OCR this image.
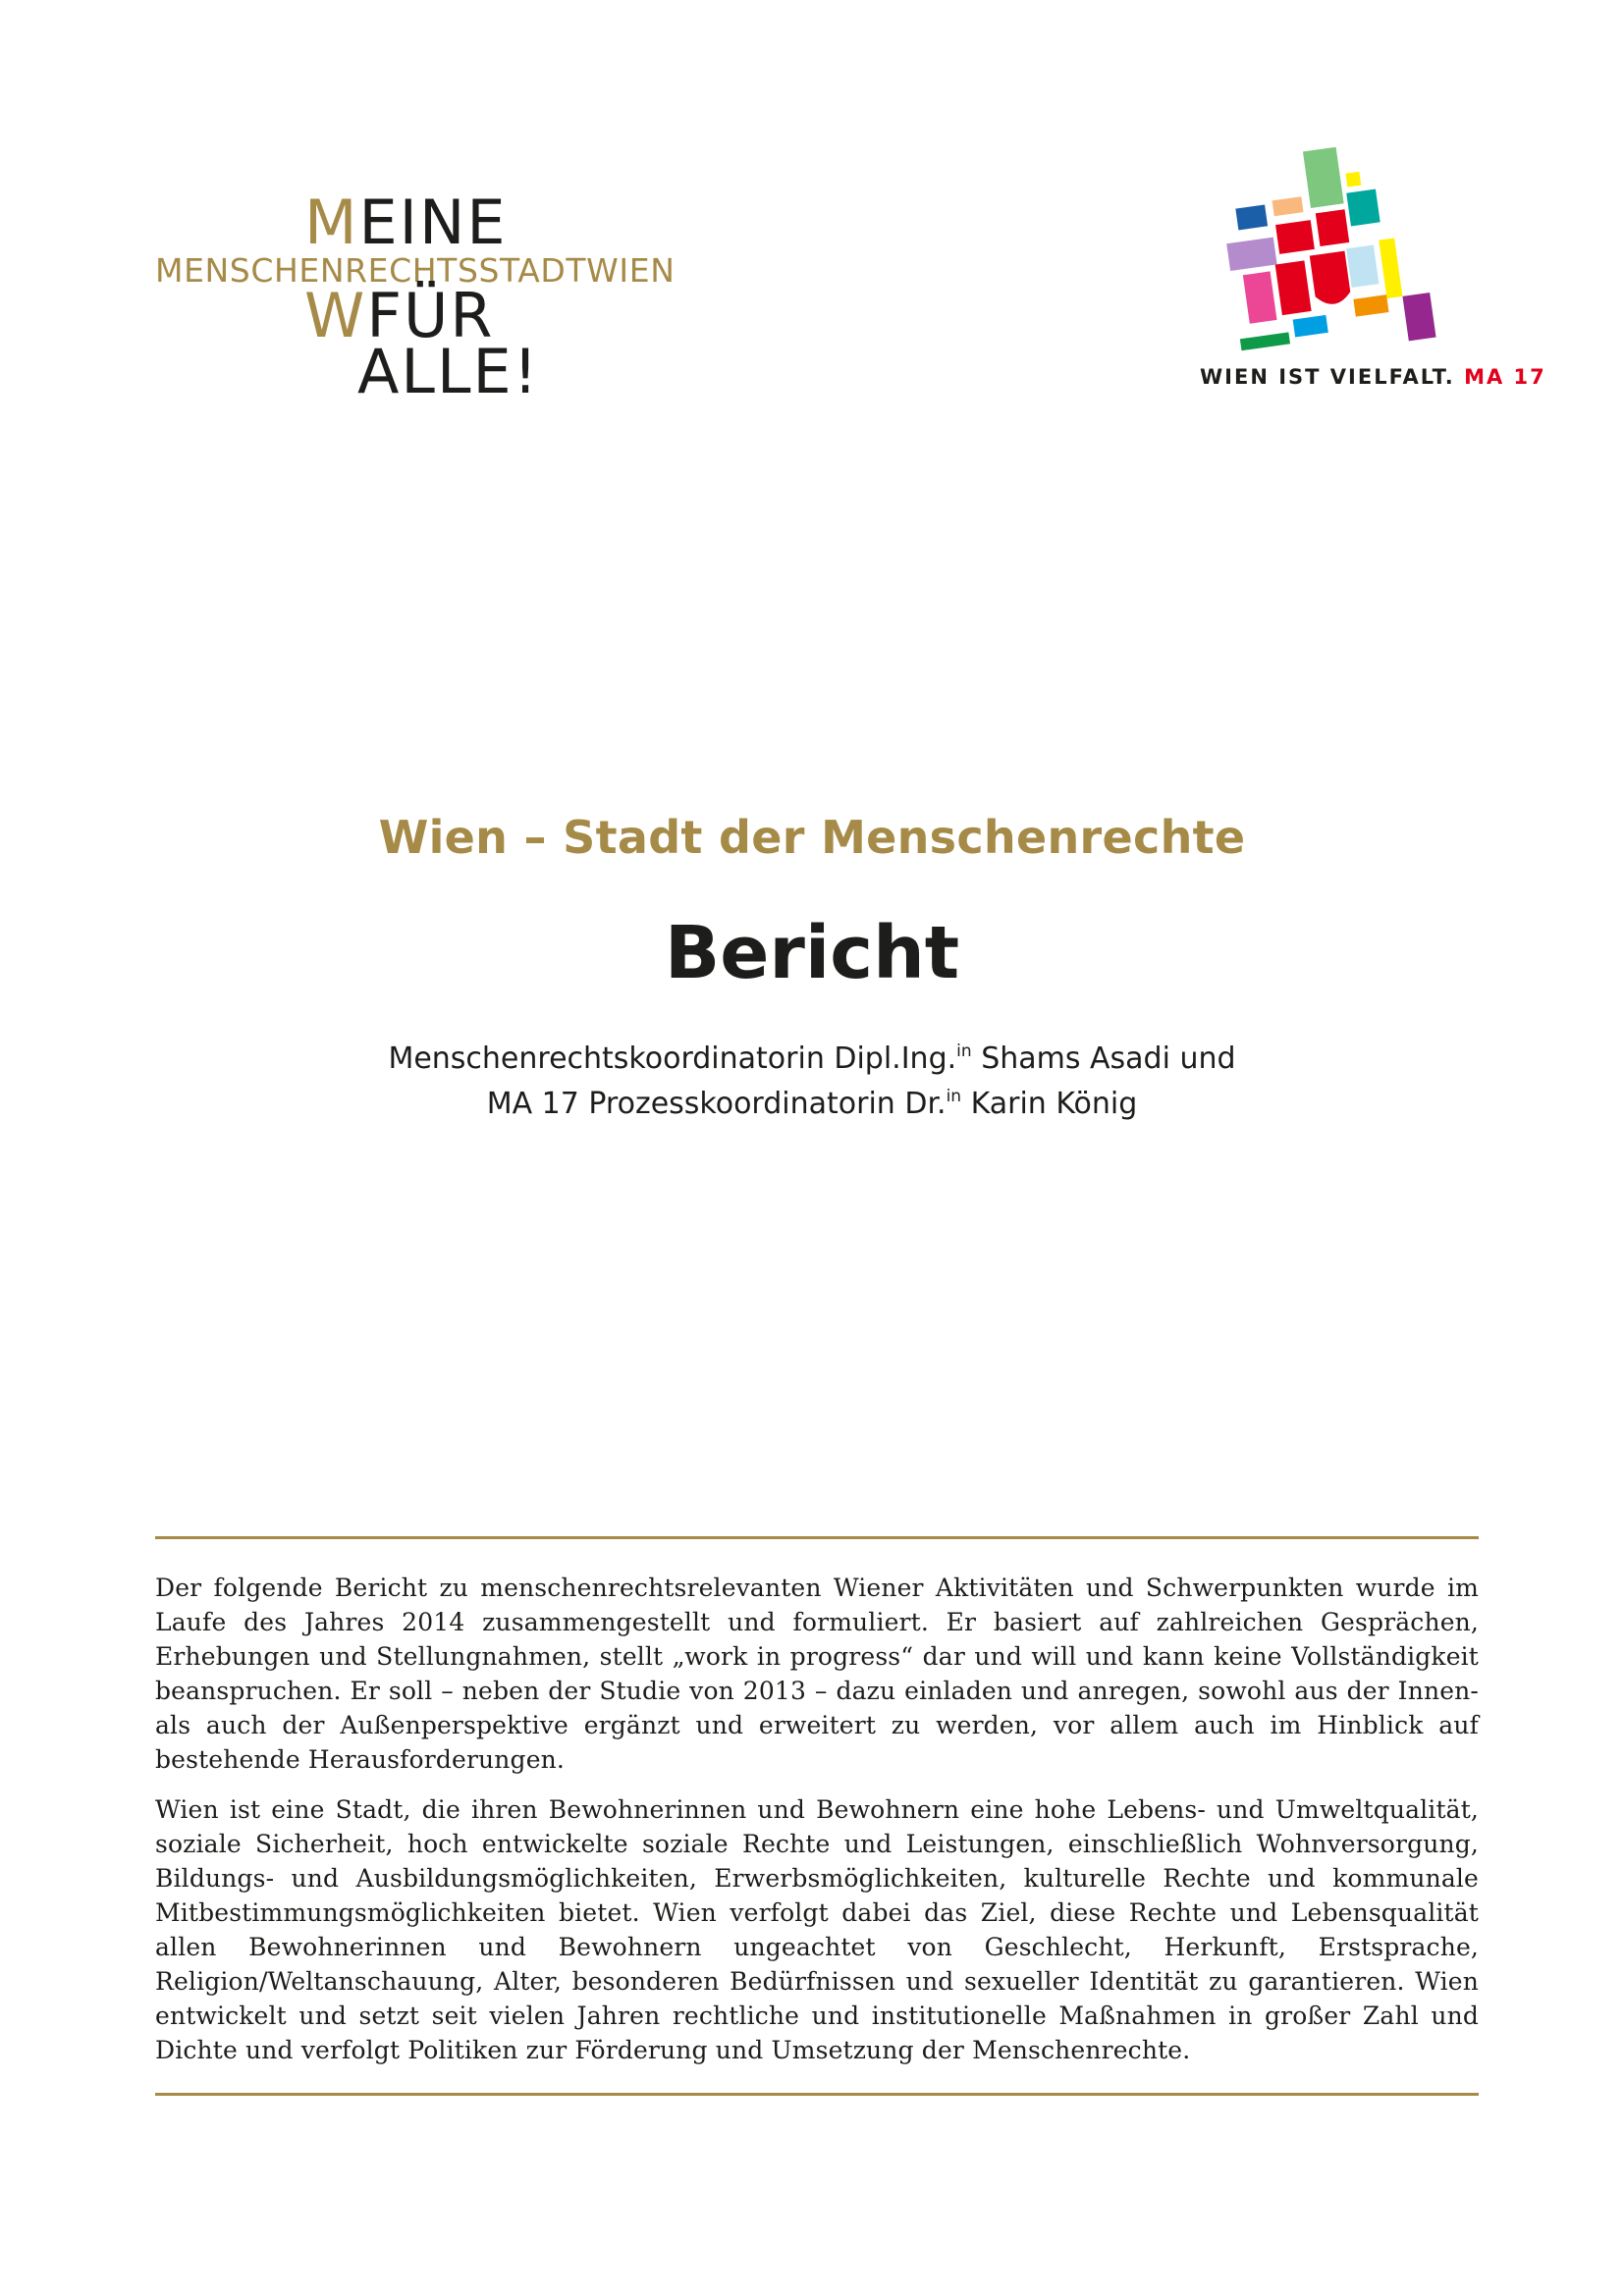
MEINE
MENSCHENRECHTSSTADTWIEN
WFÜR
ALLE!	WIEN IST VIELFALT. MA 17
Wien – Stadt der Menschenrechte
Bericht
Menschenrechtskoordinatorin Dipl.Ing.$^{in}$ Shams Asadi und
MA 17 Prozesskoordinatorin Dr.$^{in}$ Karin König

Der folgende Bericht zu menschenrechtsrelevanten Wiener Aktivitäten und Schwerpunkten wurde im Laufe des Jahres 2014 zusammengestellt und formuliert. Er basiert auf zahlreichen Gesprächen, Erhebungen und Stellungnahmen, stellt „work in progress“ dar und will und kann keine Vollständigkeit beanspruchen. Er soll – neben der Studie von 2013 – dazu einladen und anregen, sowohl aus der Innen- als auch der Außenperspektive ergänzt und erweitert zu werden, vor allem auch im Hinblick auf bestehende Herausforderungen.

Wien ist eine Stadt, die ihren Bewohnerinnen und Bewohnern eine hohe Lebens- und Umweltqualität, soziale Sicherheit, hoch entwickelte soziale Rechte und Leistungen, einschließlich Wohnversorgung, Bildungs- und Ausbildungsmöglichkeiten, Erwerbsmöglichkeiten, kulturelle Rechte und kommunale Mitbestimmungsmöglichkeiten bietet. Wien verfolgt dabei das Ziel, diese Rechte und Lebensqualität allen Bewohnerinnen und Bewohnern ungeachtet von Geschlecht, Herkunft, Erstsprache, Religion/Weltanschauung, Alter, besonderen Bedürfnissen und sexueller Identität zu garantieren. Wien entwickelt und setzt seit vielen Jahren rechtliche und institutionelle Maßnahmen in großer Zahl und Dichte und verfolgt Politiken zur Förderung und Umsetzung der Menschenrechte.
